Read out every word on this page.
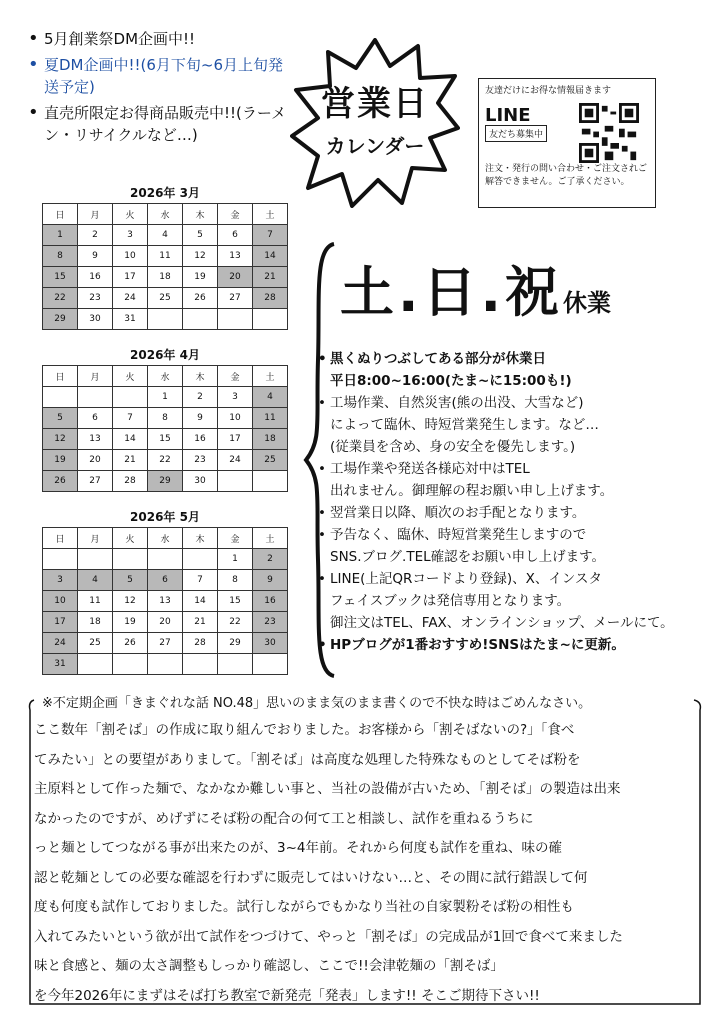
• 5月創業祭DM企画中!!
• 夏DM企画中!!(6月下旬~6月上旬発送予定)
• 直売所限定お得商品販売中!!(ラーメン・リサイクルなど…)
営業日
カレンダー
友達だけにお得な情報届きます
LINE
友だち募集中
注文・発行の問い合わせ・ご注文されご解答できません。ご了承ください。
2026年 3月
日	月	火	水	木	金	土
1	2	3	4	5	6	7
8	9	10	11	12	13	14
15	16	17	18	19	20	21
22	23	24	25	26	27	28
29	30	31				
2026年 4月
日	月	火	水	木	金	土
			1	2	3	4
5	6	7	8	9	10	11
12	13	14	15	16	17	18
19	20	21	22	23	24	25
26	27	28	29	30		
2026年 5月
日	月	火	水	木	金	土
					1	2
3	4	5	6	7	8	9
10	11	12	13	14	15	16
17	18	19	20	21	22	23
24	25	26	27	28	29	30
31						
土.日.祝休業
• 黒くぬりつぶしてある部分が休業日
平日8:00~16:00(たま~に15:00も!)
• 工場作業、自然災害(熊の出没、大雪など)
によって臨休、時短営業発生します。など…
(従業員を含め、身の安全を優先します。)
• 工場作業や発送各様応対中はTEL
出れません。御理解の程お願い申し上げます。
• 翌営業日以降、順次のお手配となります。
• 予告なく、臨休、時短営業発生しますので
SNS.ブログ.TEL確認をお願い申し上げます。
• LINE(上記QRコードより登録)、X、インスタ
フェイスブックは発信専用となります。
御注文はTEL、FAX、オンラインショップ、メールにて。
• HPブログが1番おすすめ!SNSはたま~に更新。
※不定期企画「きまぐれな話 NO.48」思いのまま気のまま書くので不快な時はごめんなさい。
ここ数年「割そば」の作成に取り組んでおりました。お客様から「割そばないの?」「食べ
てみたい」との要望がありまして。「割そば」は高度な処理した特殊なものとしてそば粉を
主原料として作った麺で、なかなか難しい事と、当社の設備が古いため、「割そば」の製造は出来
なかったのですが、めげずにそば粉の配合の何て工と相談し、試作を重ねるうちに
っと麺としてつながる事が出来たのが、3~4年前。それから何度も試作を重ね、味の確
認と乾麺としての必要な確認を行わずに販売してはいけない…と、その間に試行錯誤して何
度も何度も試作しておりました。試行しながらでもかなり当社の自家製粉そば粉の相性も
入れてみたいという欲が出て試作をつづけて、やっと「割そば」の完成品が1回で食べて来ました
味と食感と、麺の太さ調整もしっかり確認し、ここで!!会津乾麺の「割そば」
を今年2026年にまずはそば打ち教室で新発売「発表」します!! そこご期待下さい!!
